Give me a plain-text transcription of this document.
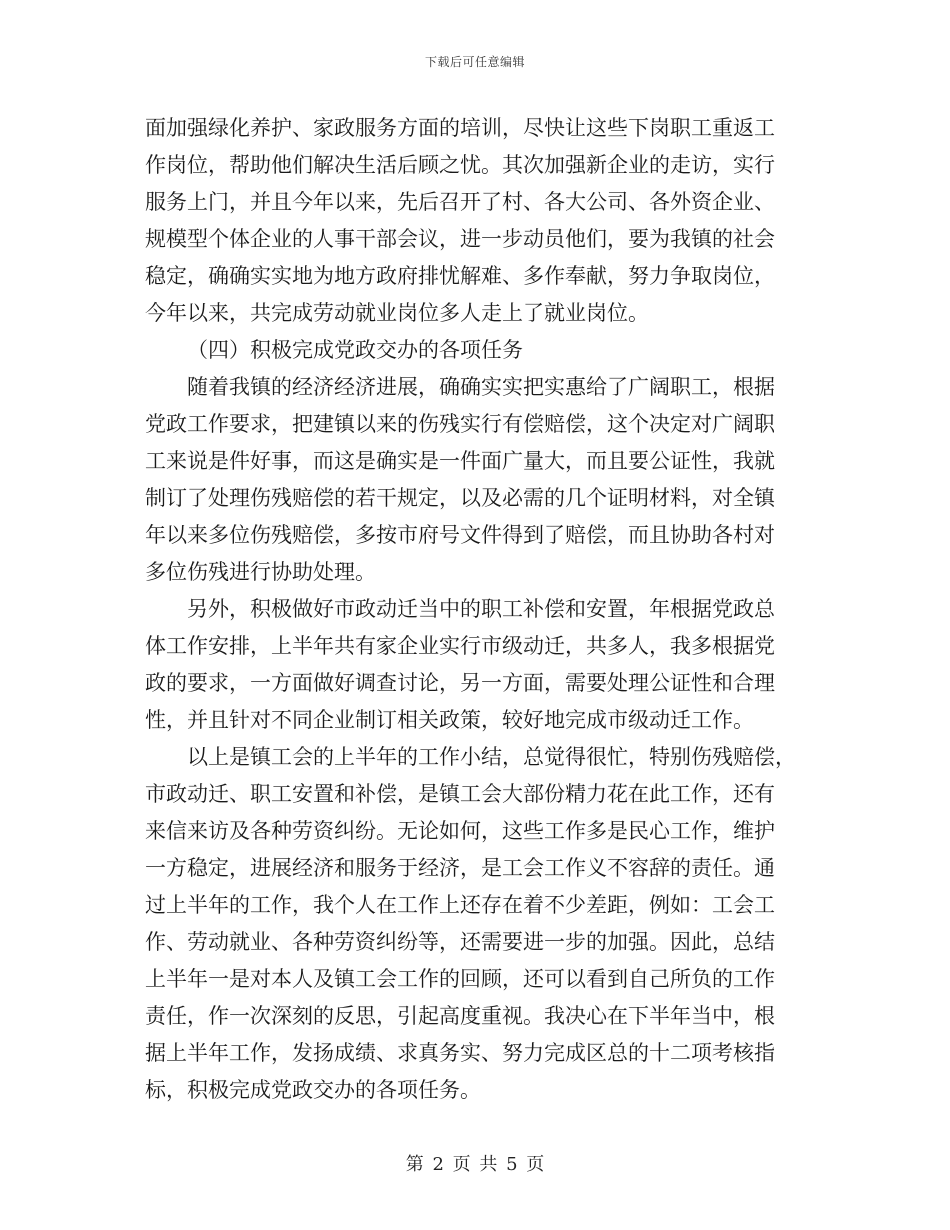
下载后可任意编辑
面加强绿化养护、家政服务方面的培训，尽快让这些下岗职工重返工
作岗位，帮助他们解决生活后顾之忧。其次加强新企业的走访，实行
服务上门，并且今年以来，先后召开了村、各大公司、各外资企业、
规模型个体企业的人事干部会议，进一步动员他们，要为我镇的社会
稳定，确确实实地为地方政府排忧解难、多作奉献，努力争取岗位，
今年以来，共完成劳动就业岗位多人走上了就业岗位。
（四）积极完成党政交办的各项任务
随着我镇的经济经济进展，确确实实把实惠给了广阔职工，根据
党政工作要求，把建镇以来的伤残实行有偿赔偿，这个决定对广阔职
工来说是件好事，而这是确实是一件面广量大，而且要公证性，我就
制订了处理伤残赔偿的若干规定，以及必需的几个证明材料，对全镇
年以来多位伤残赔偿，多按市府号文件得到了赔偿，而且协助各村对
多位伤残进行协助处理。
另外，积极做好市政动迁当中的职工补偿和安置，年根据党政总
体工作安排，上半年共有家企业实行市级动迁，共多人，我多根据党
政的要求，一方面做好调查讨论，另一方面，需要处理公证性和合理
性，并且针对不同企业制订相关政策，较好地完成市级动迁工作。
以上是镇工会的上半年的工作小结，总觉得很忙，特别伤残赔偿，
市政动迁、职工安置和补偿，是镇工会大部份精力花在此工作，还有
来信来访及各种劳资纠纷。无论如何，这些工作多是民心工作，维护
一方稳定，进展经济和服务于经济，是工会工作义不容辞的责任。通
过上半年的工作，我个人在工作上还存在着不少差距，例如：工会工
作、劳动就业、各种劳资纠纷等，还需要进一步的加强。因此，总结
上半年一是对本人及镇工会工作的回顾，还可以看到自己所负的工作
责任，作一次深刻的反思，引起高度重视。我决心在下半年当中，根
据上半年工作，发扬成绩、求真务实、努力完成区总的十二项考核指
标，积极完成党政交办的各项任务。
第 2 页 共 5 页
